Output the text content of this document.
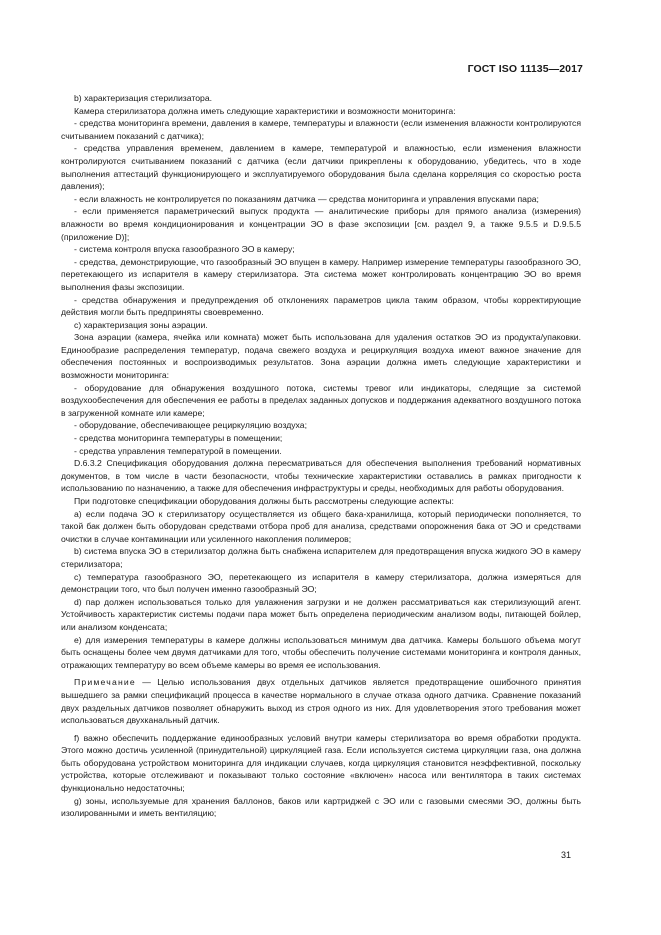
ГОСТ ISO 11135—2017

b) характеризация стерилизатора.

Камера стерилизатора должна иметь следующие характеристики и возможности мониторинга:

- средства мониторинга времени, давления в камере, температуры и влажности (если изменения влажности контролируются считыванием показаний с датчика);

- средства управления временем, давлением в камере, температурой и влажностью, если изменения влажности контролируются считыванием показаний с датчика (если датчики прикреплены к оборудованию, убедитесь, что в ходе выполнения аттестаций функционирующего и эксплуатируемого оборудования была сделана корреляция со скоростью роста давления);

- если влажность не контролируется по показаниям датчика — средства мониторинга и управления впусками пара;

- если применяется параметрический выпуск продукта — аналитические приборы для прямого анализа (измерения) влажности во время кондиционирования и концентрации ЭО в фазе экспозиции [см. раздел 9, а также 9.5.5 и D.9.5.5 (приложение D)];

- система контроля впуска газообразного ЭО в камеру;

- средства, демонстрирующие, что газообразный ЭО впущен в камеру. Например измерение температуры газообразного ЭО, перетекающего из испарителя в камеру стерилизатора. Эта система может контролировать концентрацию ЭО во время выполнения фазы экспозиции.

- средства обнаружения и предупреждения об отклонениях параметров цикла таким образом, чтобы корректирующие действия могли быть предприняты своевременно.

c) характеризация зоны аэрации.

Зона аэрации (камера, ячейка или комната) может быть использована для удаления остатков ЭО из продукта/упаковки. Единообразие распределения температур, подача свежего воздуха и рециркуляция воздуха имеют важное значение для обеспечения постоянных и воспроизводимых результатов. Зона аэрации должна иметь следующие характеристики и возможности мониторинга:

- оборудование для обнаружения воздушного потока, системы тревог или индикаторы, следящие за системой воздухообеспечения для обеспечения ее работы в пределах заданных допусков и поддержания адекватного воздушного потока в загруженной комнате или камере;

- оборудование, обеспечивающее рециркуляцию воздуха;

- средства мониторинга температуры в помещении;

- средства управления температурой в помещении.

D.6.3.2 Спецификация оборудования должна пересматриваться для обеспечения выполнения требований нормативных документов, в том числе в части безопасности, чтобы технические характеристики оставались в рамках пригодности к использованию по назначению, а также для обеспечения инфраструктуры и среды, необходимых для работы оборудования.

При подготовке спецификации оборудования должны быть рассмотрены следующие аспекты:

a) если подача ЭО к стерилизатору осуществляется из общего бака-хранилища, который периодически пополняется, то такой бак должен быть оборудован средствами отбора проб для анализа, средствами опорожнения бака от ЭО и средствами очистки в случае контаминации или усиленного накопления полимеров;

b) система впуска ЭО в стерилизатор должна быть снабжена испарителем для предотвращения впуска жидкого ЭО в камеру стерилизатора;

c) температура газообразного ЭО, перетекающего из испарителя в камеру стерилизатора, должна измеряться для демонстрации того, что был получен именно газообразный ЭО;

d) пар должен использоваться только для увлажнения загрузки и не должен рассматриваться как стерилизующий агент. Устойчивость характеристик системы подачи пара может быть определена периодическим анализом воды, питающей бойлер, или анализом конденсата;

e) для измерения температуры в камере должны использоваться минимум два датчика. Камеры большого объема могут быть оснащены более чем двумя датчиками для того, чтобы обеспечить получение системами мониторинга и контроля данных, отражающих температуру во всем объеме камеры во время ее использования.

Примечание — Целью использования двух отдельных датчиков является предотвращение ошибочного принятия вышедшего за рамки спецификаций процесса в качестве нормального в случае отказа одного датчика. Сравнение показаний двух раздельных датчиков позволяет обнаружить выход из строя одного из них. Для удовлетворения этого требования может использоваться двухканальный датчик.

f) важно обеспечить поддержание единообразных условий внутри камеры стерилизатора во время обработки продукта. Этого можно достичь усиленной (принудительной) циркуляцией газа. Если используется система циркуляции газа, она должна быть оборудована устройством мониторинга для индикации случаев, когда циркуляция становится неэффективной, поскольку устройства, которые отслеживают и показывают только состояние «включен» насоса или вентилятора в таких системах функционально недостаточны;

g) зоны, используемые для хранения баллонов, баков или картриджей с ЭО или с газовыми смесями ЭО, должны быть изолированными и иметь вентиляцию;

31
